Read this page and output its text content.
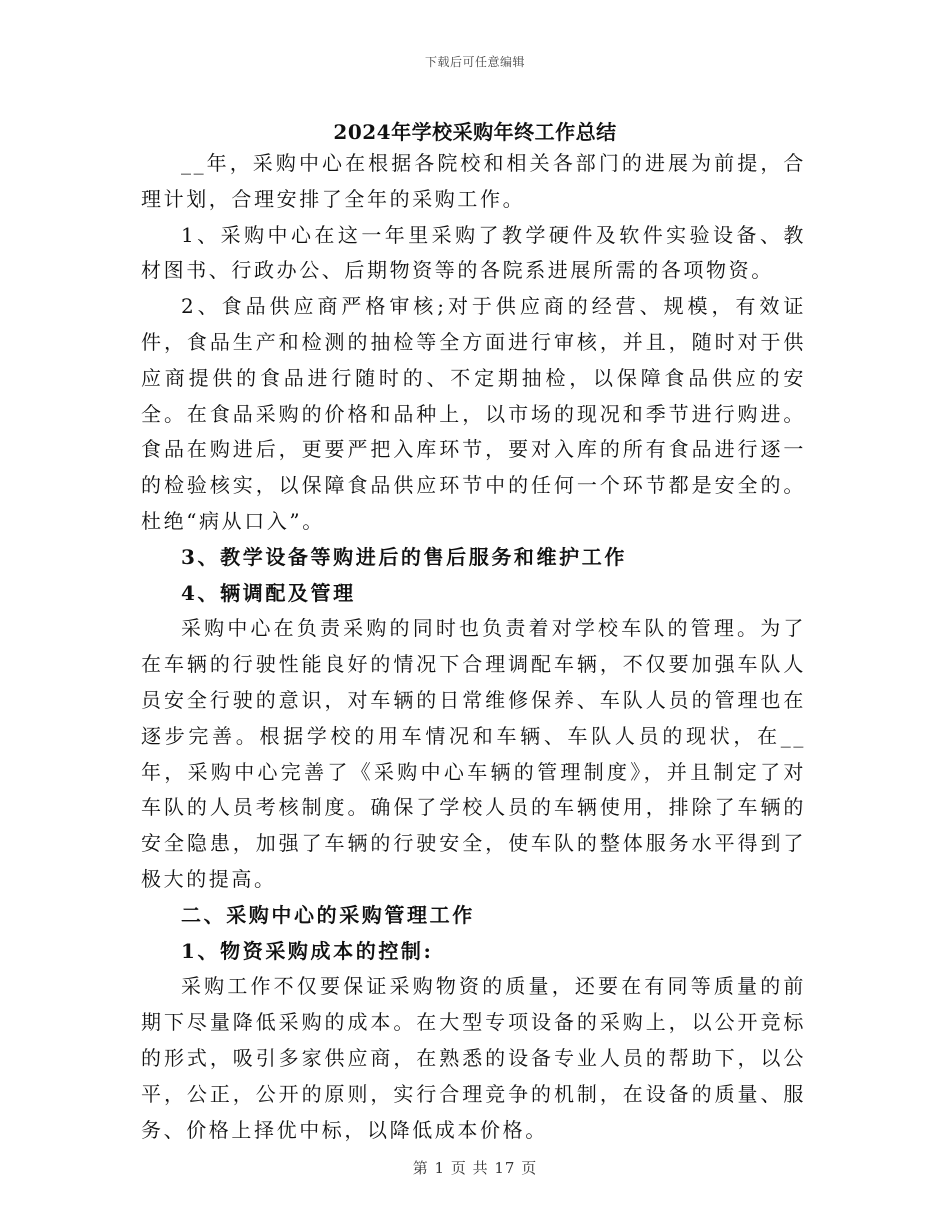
下载后可任意编辑
2024年学校采购年终工作总结

__年，采购中心在根据各院校和相关各部门的进展为前提，合理计划，合理安排了全年的采购工作。

1、采购中心在这一年里采购了教学硬件及软件实验设备、教材图书、行政办公、后期物资等的各院系进展所需的各项物资。

2、食品供应商严格审核;对于供应商的经营、规模，有效证件，食品生产和检测的抽检等全方面进行审核，并且，随时对于供应商提供的食品进行随时的、不定期抽检，以保障食品供应的安全。在食品采购的价格和品种上，以市场的现况和季节进行购进。食品在购进后，更要严把入库环节，要对入库的所有食品进行逐一的检验核实，以保障食品供应环节中的任何一个环节都是安全的。杜绝“病从口入”。

3、教学设备等购进后的售后服务和维护工作

4、辆调配及管理

采购中心在负责采购的同时也负责着对学校车队的管理。为了在车辆的行驶性能良好的情况下合理调配车辆，不仅要加强车队人员安全行驶的意识，对车辆的日常维修保养、车队人员的管理也在逐步完善。根据学校的用车情况和车辆、车队人员的现状，在__年，采购中心完善了《采购中心车辆的管理制度》，并且制定了对车队的人员考核制度。确保了学校人员的车辆使用，排除了车辆的安全隐患，加强了车辆的行驶安全，使车队的整体服务水平得到了极大的提高。

二、采购中心的采购管理工作

1、物资采购成本的控制:

采购工作不仅要保证采购物资的质量，还要在有同等质量的前期下尽量降低采购的成本。在大型专项设备的采购上，以公开竞标的形式，吸引多家供应商，在熟悉的设备专业人员的帮助下，以公平，公正，公开的原则，实行合理竞争的机制，在设备的质量、服务、价格上择优中标，以降低成本价格。

第 1 页 共 17 页
